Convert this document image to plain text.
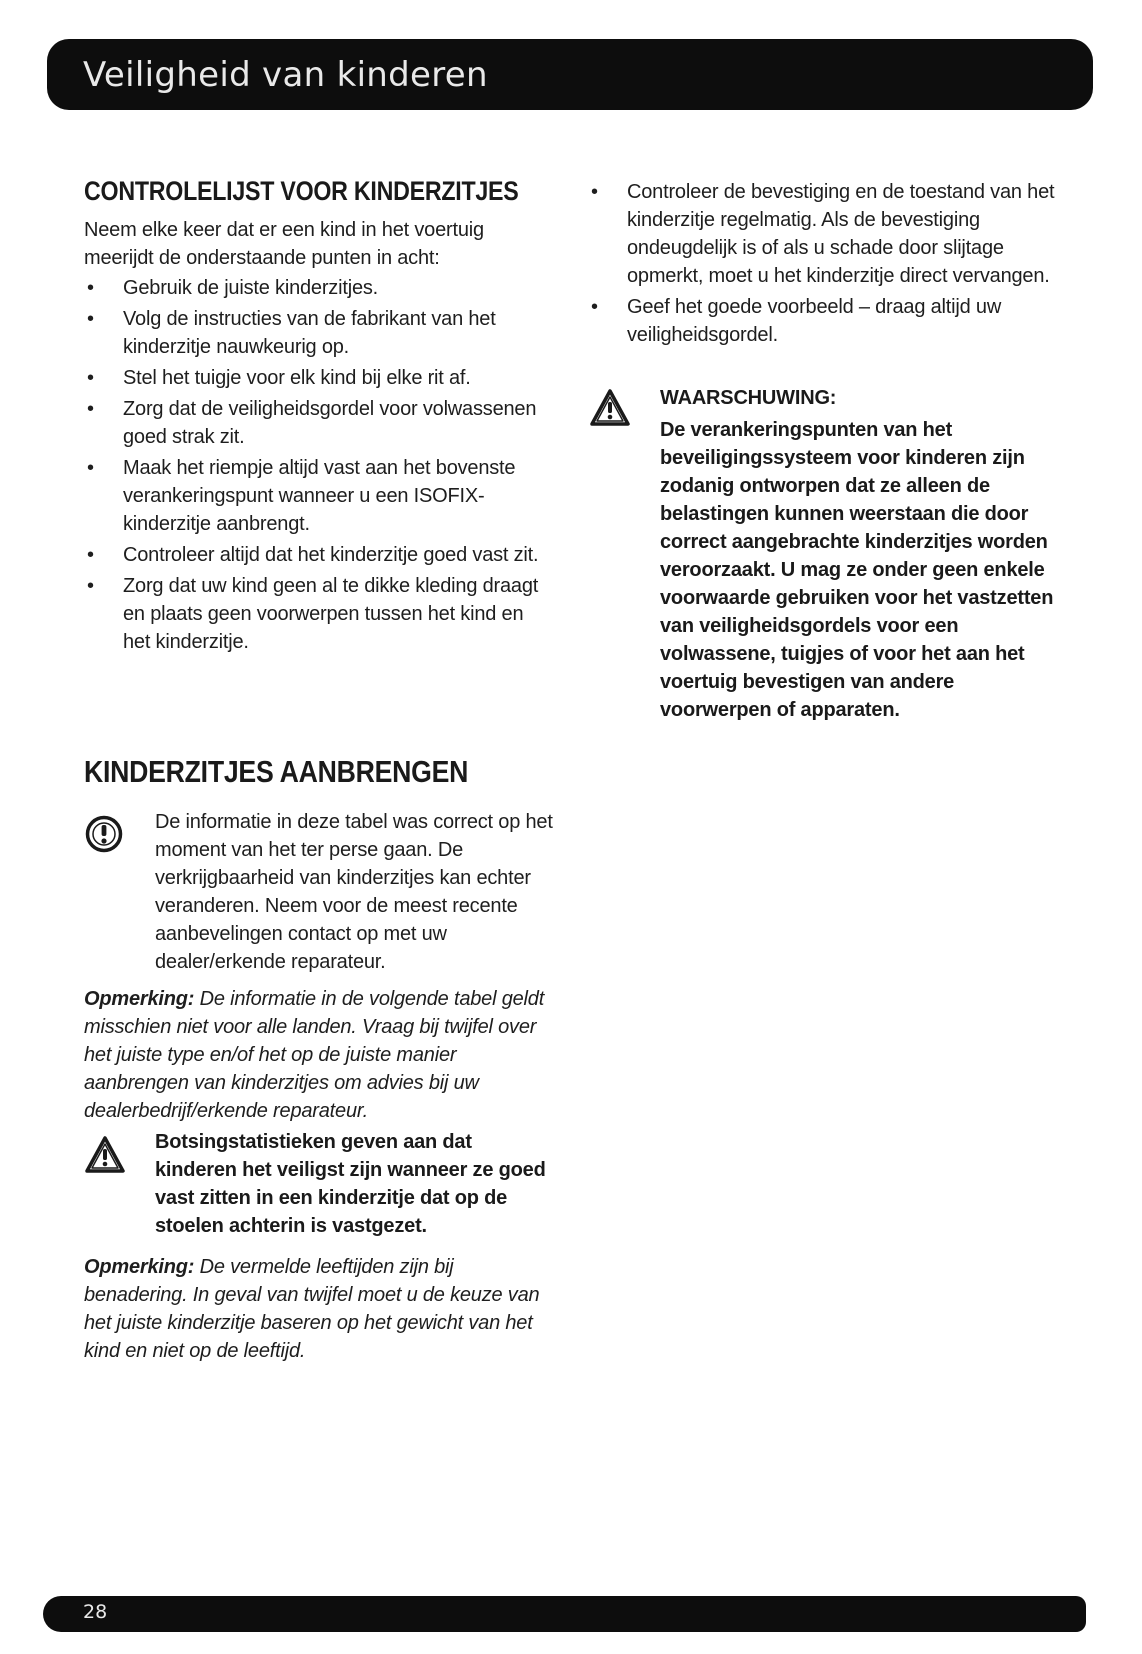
Veiligheid van kinderen
CONTROLELIJST VOOR KINDERZITJES
Neem elke keer dat er een kind in het voertuig meerijdt de onderstaande punten in acht:
• Gebruik de juiste kinderzitjes.
• Volg de instructies van de fabrikant van het kinderzitje nauwkeurig op.
• Stel het tuigje voor elk kind bij elke rit af.
• Zorg dat de veiligheidsgordel voor volwassenen goed strak zit.
• Maak het riempje altijd vast aan het bovenste verankeringspunt wanneer u een ISOFIX-kinderzitje aanbrengt.
• Controleer altijd dat het kinderzitje goed vast zit.
• Zorg dat uw kind geen al te dikke kleding draagt en plaats geen voorwerpen tussen het kind en het kinderzitje.
KINDERZITJES AANBRENGEN
De informatie in deze tabel was correct op het moment van het ter perse gaan. De verkrijgbaarheid van kinderzitjes kan echter veranderen. Neem voor de meest recente aanbevelingen contact op met uw dealer/erkende reparateur.
Opmerking: De informatie in de volgende tabel geldt misschien niet voor alle landen. Vraag bij twijfel over het juiste type en/of het op de juiste manier aanbrengen van kinderzitjes om advies bij uw dealerbedrijf/erkende reparateur.
Botsingstatistieken geven aan dat kinderen het veiligst zijn wanneer ze goed vast zitten in een kinderzitje dat op de stoelen achterin is vastgezet.
Opmerking: De vermelde leeftijden zijn bij benadering. In geval van twijfel moet u de keuze van het juiste kinderzitje baseren op het gewicht van het kind en niet op de leeftijd.
• Controleer de bevestiging en de toestand van het kinderzitje regelmatig. Als de bevestiging ondeugdelijk is of als u schade door slijtage opmerkt, moet u het kinderzitje direct vervangen.
• Geef het goede voorbeeld – draag altijd uw veiligheidsgordel.
WAARSCHUWING:
De verankeringspunten van het beveiligingssysteem voor kinderen zijn zodanig ontworpen dat ze alleen de belastingen kunnen weerstaan die door correct aangebrachte kinderzitjes worden veroorzaakt. U mag ze onder geen enkele voorwaarde gebruiken voor het vastzetten van veiligheidsgordels voor een volwassene, tuigjes of voor het aan het voertuig bevestigen van andere voorwerpen of apparaten.
28
